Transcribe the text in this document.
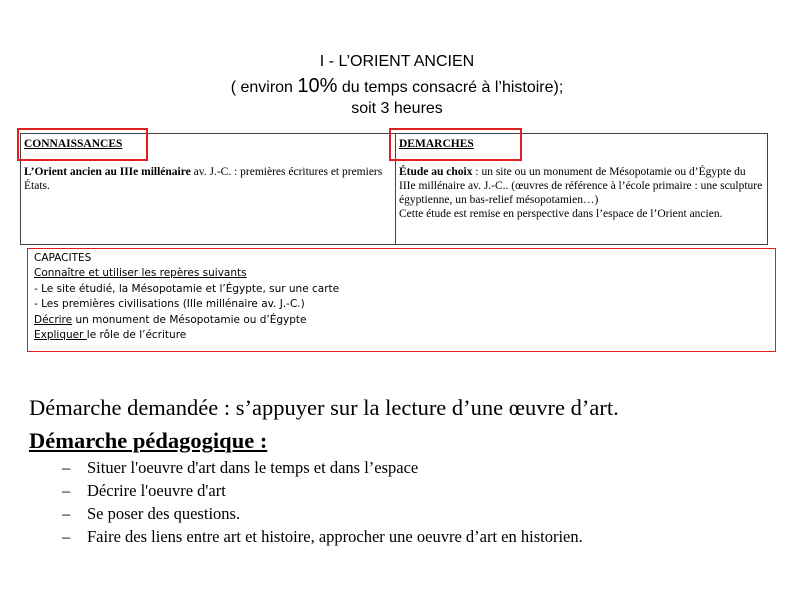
I - L’ORIENT ANCIEN
( environ 10% du temps consacré à l’histoire);
soit 3 heures
CONNAISSANCES
L’Orient ancien au IIIe millénaire av. J.-C. : premières écritures et premiers États.
DEMARCHES
Étude au choix : un site ou un monument de Mésopotamie ou d’Égypte du IIIe millénaire av. J.-C.. (œuvres de référence à l’école primaire : une sculpture égyptienne, un bas-relief mésopotamien…)
Cette étude est remise en perspective dans l’espace de l’Orient ancien.
CAPACITES
Connaître et utiliser les repères suivants
- Le site étudié, la Mésopotamie et l’Égypte, sur une carte
- Les premières civilisations (IIIe millénaire av. J.-C.)
Décrire un monument de Mésopotamie ou d’Égypte
Expliquer le rôle de l’écriture
Démarche demandée : s’appuyer sur la lecture d’une œuvre d’art.
Démarche pédagogique :
– Situer l'oeuvre d'art dans le temps et dans l’espace
– Décrire l'oeuvre d'art
– Se poser des questions.
– Faire des liens entre art et histoire, approcher une oeuvre d’art en historien.
